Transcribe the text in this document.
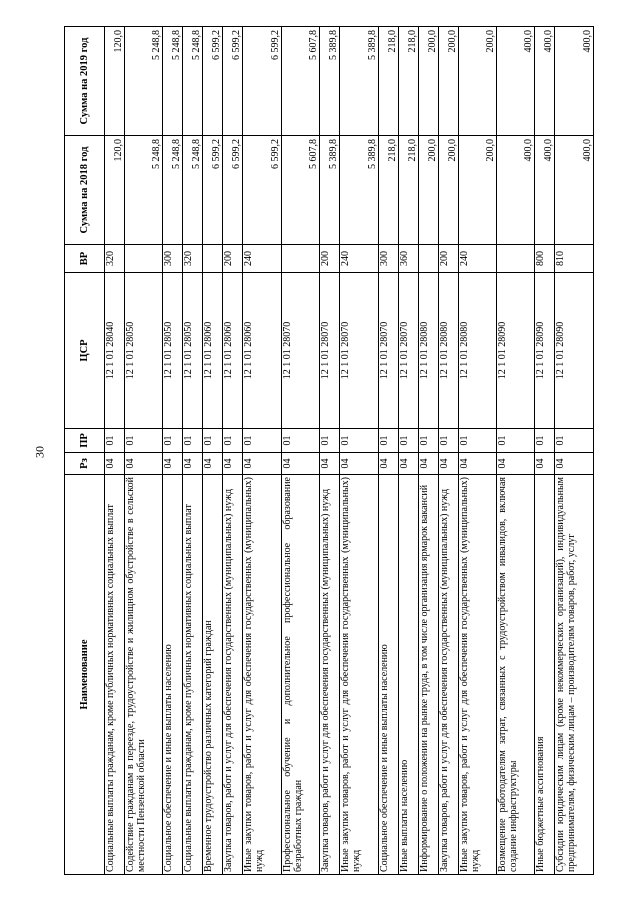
30
Наименование	Рз	ПР	ЦСР	ВР	Сумма на 2018 год	Сумма на 2019 год
Социальные выплаты гражданам, кроме публичных нормативных социальных выплат	04	01	12 1 01 28040	320	120,0	120,0
Содействие гражданам в переезде, трудоустройстве и жилищном обустройстве в сельской местности Пензенской области	04	01	12 1 01 28050		5 248,8	5 248,8
Социальное обеспечение и иные выплаты населению	04	01	12 1 01 28050	300	5 248,8	5 248,8
Социальные выплаты гражданам, кроме публичных нормативных социальных выплат	04	01	12 1 01 28050	320	5 248,8	5 248,8
Временное трудоустройство различных категорий граждан	04	01	12 1 01 28060		6 599,2	6 599,2
Закупка товаров, работ и услуг для обеспечения государственных (муниципальных) нужд	04	01	12 1 01 28060	200	6 599,2	6 599,2
Иные закупки товаров, работ и услуг для обеспечения государственных (муниципальных) нужд	04	01	12 1 01 28060	240	6 599,2	6 599,2
Профессиональное обучение и дополнительное профессиональное образование безработных граждан	04	01	12 1 01 28070		5 607,8	5 607,8
Закупка товаров, работ и услуг для обеспечения государственных (муниципальных) нужд	04	01	12 1 01 28070	200	5 389,8	5 389,8
Иные закупки товаров, работ и услуг для обеспечения государственных (муниципальных) нужд	04	01	12 1 01 28070	240	5 389,8	5 389,8
Социальное обеспечение и иные выплаты населению	04	01	12 1 01 28070	300	218,0	218,0
Иные выплаты населению	04	01	12 1 01 28070	360	218,0	218,0
Информирование о положении на рынке труда, в том числе организация ярмарок вакансий	04	01	12 1 01 28080		200,0	200,0
Закупка товаров, работ и услуг для обеспечения государственных (муниципальных) нужд	04	01	12 1 01 28080	200	200,0	200,0
Иные закупки товаров, работ и услуг для обеспечения государственных (муниципальных) нужд	04	01	12 1 01 28080	240	200,0	200,0
Возмещение работодателям затрат, связанных с трудоустройством инвалидов, включая создание инфраструктуры	04	01	12 1 01 28090		400,0	400,0
Иные бюджетные ассигнования	04	01	12 1 01 28090	800	400,0	400,0
Субсидии юридическим лицам (кроме некоммерческих организаций), индивидуальным предпринимателям, физическим лицам – производителям товаров, работ, услуг	04	01	12 1 01 28090	810	400,0	400,0
